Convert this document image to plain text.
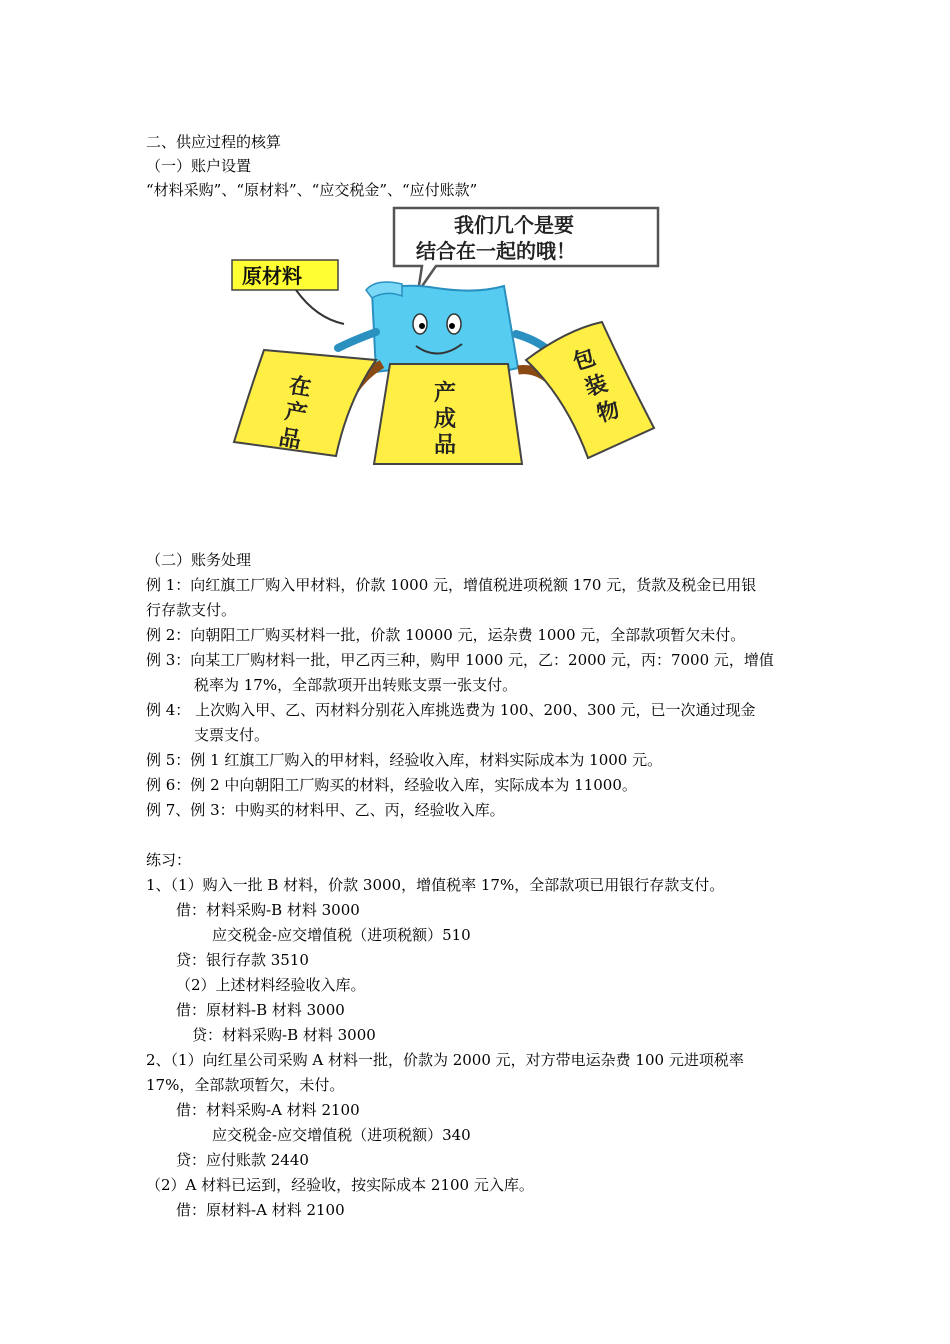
二、供应过程的核算
（一）账户设置
“材料采购”、“原材料”、“应交税金”、“应付账款”
我们几个是要
结合在一起的哦！
原材料
在
产
品
产
成
品
包
装
物
（二）账务处理
例 1：向红旗工厂购入甲材料，价款 1000 元，增值税进项税额 170 元，货款及税金已用银
行存款支付。
例 2：向朝阳工厂购买材料一批，价款 10000 元，运杂费 1000 元，全部款项暂欠未付。
例 3：向某工厂购材料一批，甲乙丙三种，购甲 1000 元，乙：2000 元，丙：7000 元，增值
税率为 17%，全部款项开出转账支票一张支付。
例 4： 上次购入甲、乙、丙材料分别花入库挑选费为 100、200、300 元，已一次通过现金
支票支付。
例 5：例 1 红旗工厂购入的甲材料，经验收入库，材料实际成本为 1000 元。
例 6：例 2 中向朝阳工厂购买的材料，经验收入库，实际成本为 11000。
例 7、例 3：中购买的材料甲、乙、丙，经验收入库。
练习：
1、（1）购入一批 B 材料，价款 3000，增值税率 17%，全部款项已用银行存款支付。
借：材料采购-B 材料 3000
应交税金-应交增值税（进项税额）510
贷：银行存款 3510
（2）上述材料经验收入库。
借：原材料-B 材料 3000
贷：材料采购-B 材料 3000
2、（1）向红星公司采购 A 材料一批，价款为 2000 元，对方带电运杂费 100 元进项税率
17%，全部款项暂欠，未付。
借：材料采购-A 材料 2100
应交税金-应交增值税（进项税额）340
贷：应付账款 2440
（2）A 材料已运到，经验收，按实际成本 2100 元入库。
借：原材料-A 材料 2100
